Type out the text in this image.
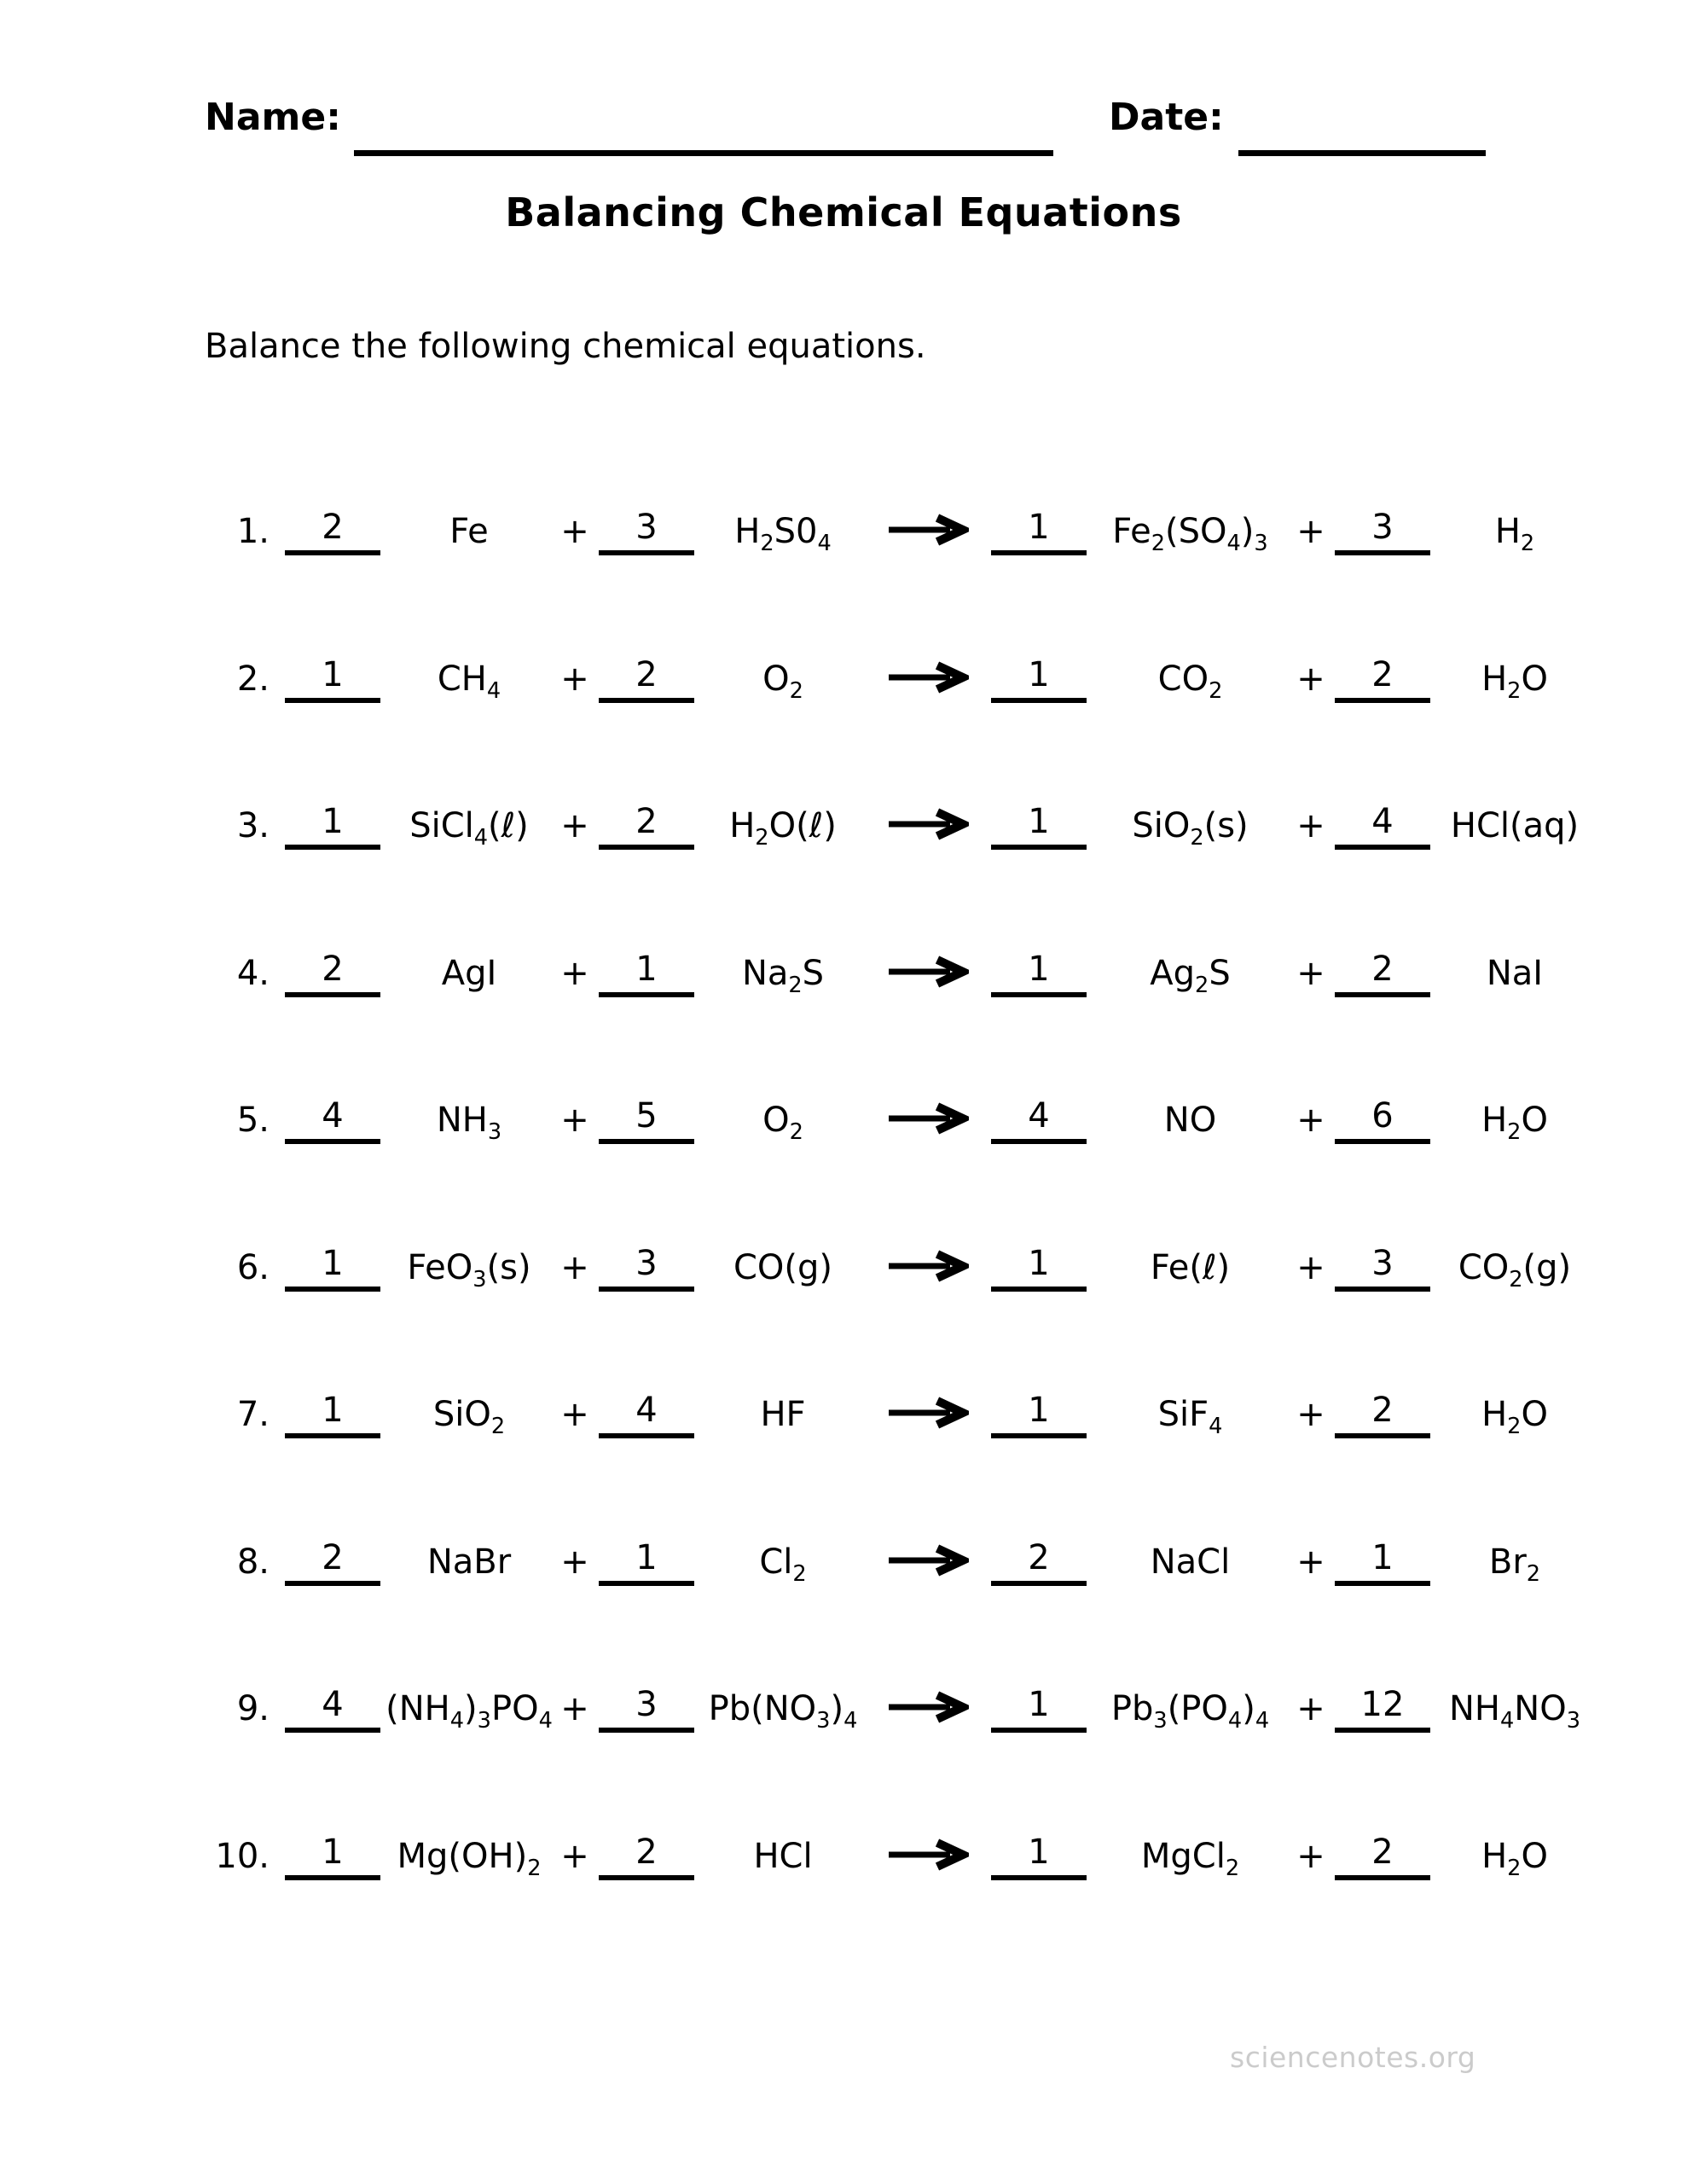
Name:	Date:
Balancing Chemical Equations
Balance the following chemical equations.
1.	2	Fe	+	3	$H_2S0_4$	→	1	$Fe_2(SO_4)_3$ +	3	$H_2$
2.	1	$CH_4$	+	2	$O_2$	→	1	$CO_2$	+	2	$H_2O$
3.	1	SiCl$_4$(ℓ) +	2	$H_2O(\ell)$ →	1	SiO$_2$(s)	+	4	HCl(aq)
4.	2	AgI	+	1	$Na_2S$	→	1	$Ag_2S$	+	2	NaI
5.	4	$NH_3$	+	5	$O_2$	→	4	NO	+	6	$H_2O$
6.	1	FeO$_3$(s) +	3	CO(g)	→	1	Fe(ℓ)	+	3	$CO_2(g)$
7.	1	SiO$_2$	+	4	HF	→	1	SiF$_4$	+	2	$H_2O$
8.	2	NaBr	+	1	$Cl_2$	→	2	NaCl	+	1	$Br_2$
9.	4	$(NH_4)_3PO_4$ +	3	$Pb(NO_3)_4$ →	1	$Pb_3(PO_4)_4$ +	12	$NH_4NO_3$
10.	1	$Mg(OH)_2$ +	2	HCl	→	1	MgCl$_2$	+	2	$H_2O$
sciencenotes.org
